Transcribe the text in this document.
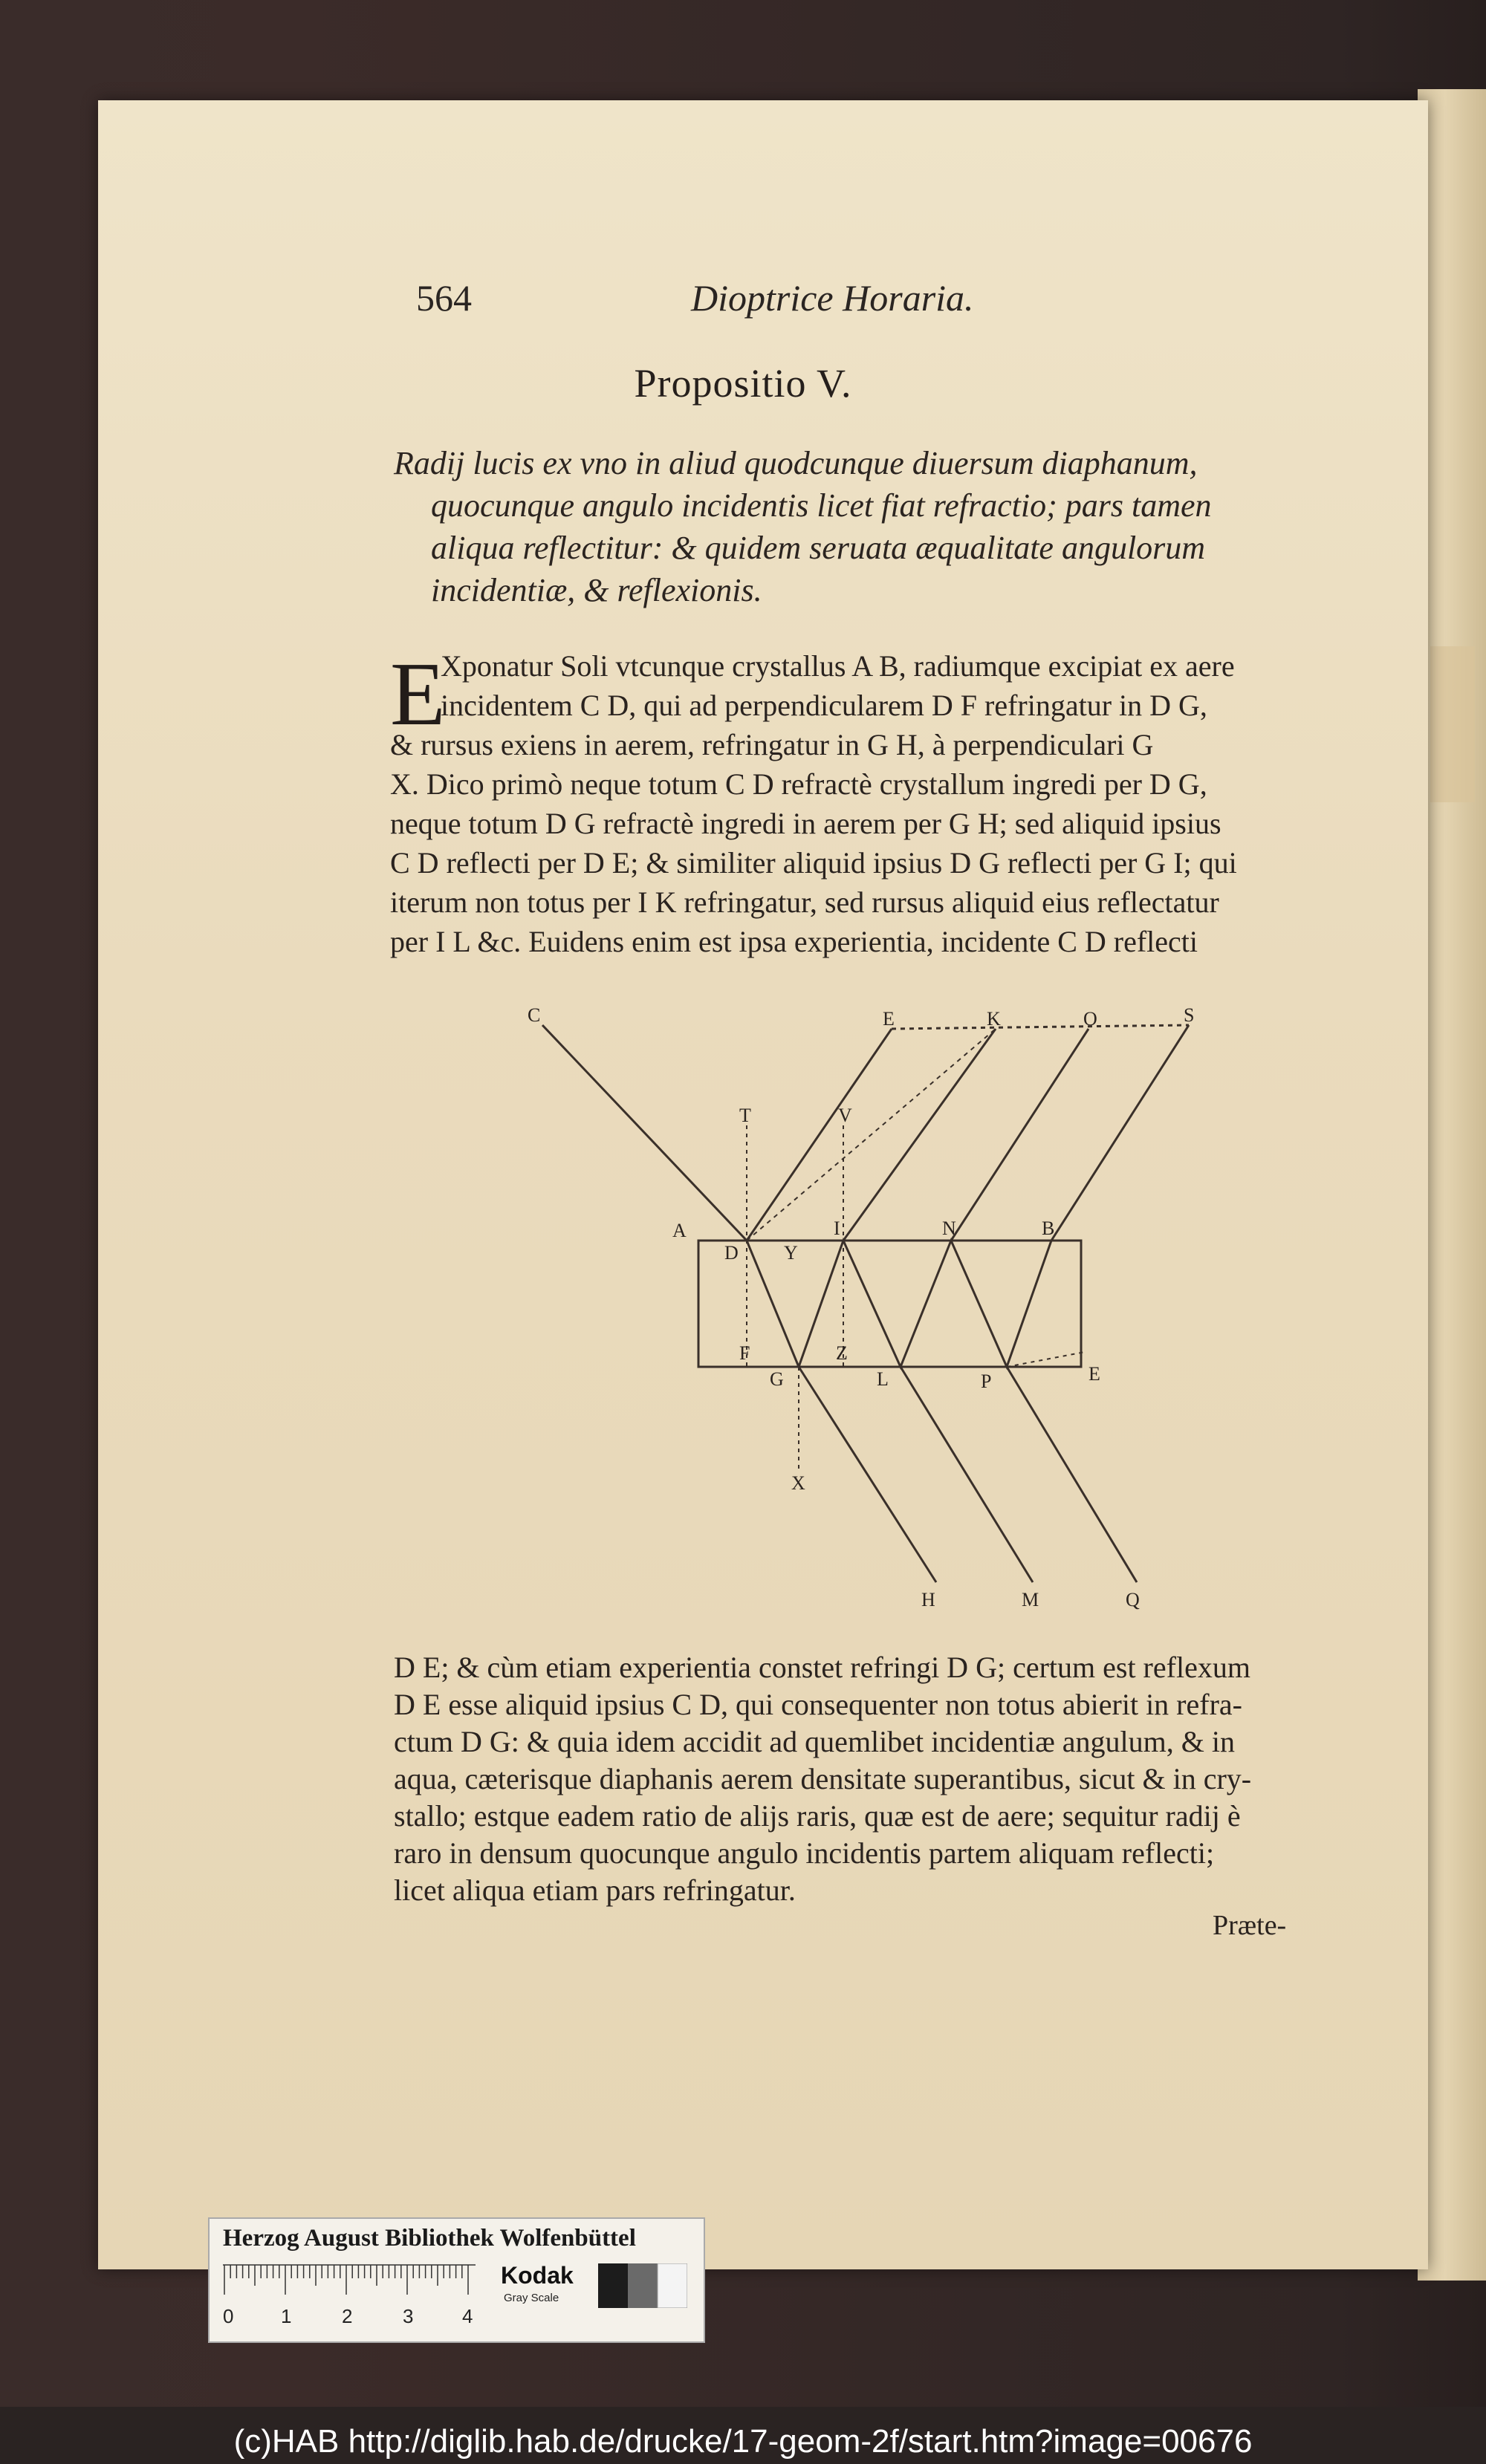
564	Dioptrice Horaria.
Propositio V.
Radij lucis ex vno in aliud quodcunque diuersum diaphanum,
quocunque angulo incidentis licet fiat refractio; pars tamen
aliqua reflectitur: & quidem seruata æqualitate angulorum
incidentiæ, & reflexionis.
E
Xponatur Soli vtcunque crystallus A B, radiumque excipiat ex aere
incidentem C D, qui ad perpendicularem D F refringatur in D G,
& rursus exiens in aerem, refringatur in G H, à perpendiculari G
X. Dico primò neque totum C D refractè crystallum ingredi per D G,
neque totum D G refractè ingredi in aerem per G H; sed aliquid ipsius
C D reflecti per D E; & similiter aliquid ipsius D G reflecti per G I; qui
iterum non totus per I K refringatur, sed rursus aliquid eius reflectatur
per I L &c. Euidens enim est ipsa experientia, incidente C D reflecti
C	E	K	O	S
T	V
A
D Y
I	N	B
F	Z
G	L	P	E
X
H	M	Q
D E; & cùm etiam experientia constet refringi D G; certum est reflexum
D E esse aliquid ipsius C D, qui consequenter non totus abierit in refra-
ctum D G: & quia idem accidit ad quemlibet incidentiæ angulum, & in
aqua, cæterisque diaphanis aerem densitate superantibus, sicut & in cry-
stallo; estque eadem ratio de alijs raris, quæ est de aere; sequitur radij è
raro in densum quocunque angulo incidentis partem aliquam reflecti;
licet aliqua etiam pars refringatur.
Præte-
Herzog August Bibliothek Wolfenbüttel
0 1	2	3	4
Kodak
Gray Scale
(c)HAB http://diglib.hab.de/drucke/17-geom-2f/start.htm?image=00676
